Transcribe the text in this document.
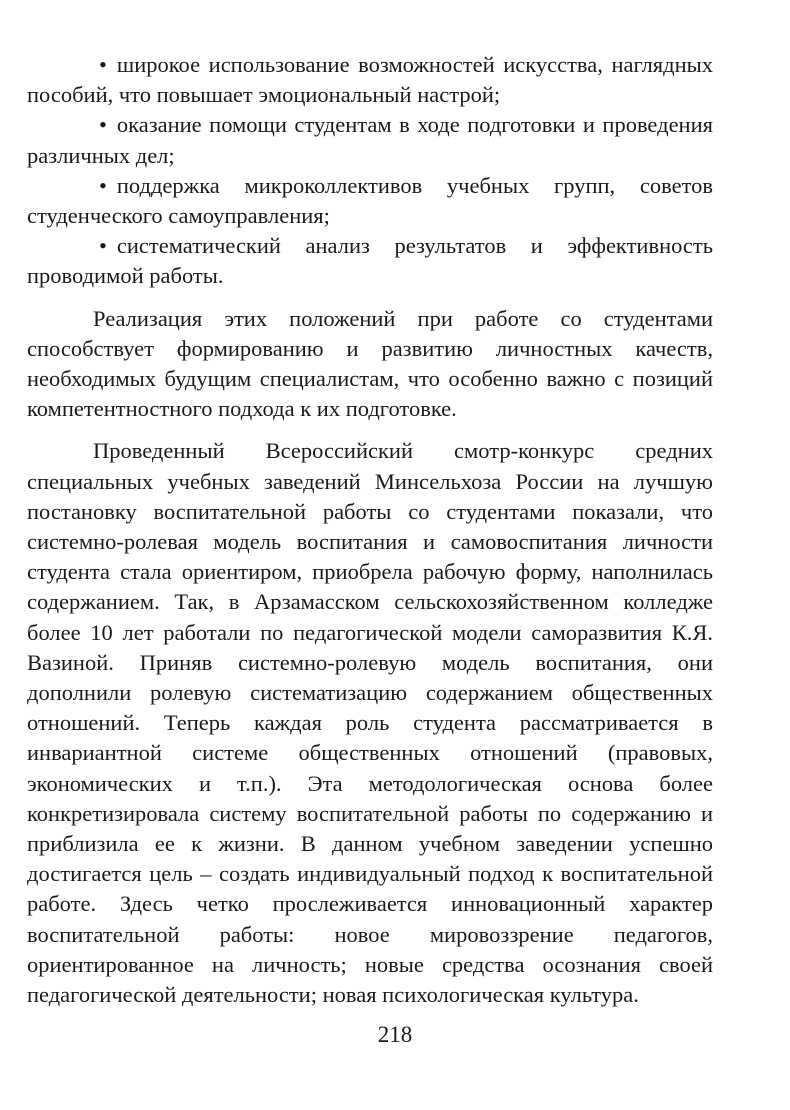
• широкое использование возможностей искусства, наглядных пособий, что повышает эмоциональный настрой;

• оказание помощи студентам в ходе подготовки и проведения различных дел;

• поддержка микроколлективов учебных групп, советов студенческого самоуправления;

• систематический анализ результатов и эффективность проводимой работы.

Реализация этих положений при работе со студентами способствует формированию и развитию личностных качеств, необходимых будущим специалистам, что особенно важно с позиций компетентностного подхода к их подготовке.

Проведенный Всероссийский смотр-конкурс средних специальных учебных заведений Минсельхоза России на лучшую постановку воспитательной работы со студентами показали, что системно-ролевая модель воспитания и самовоспитания личности студента стала ориентиром, приобрела рабочую форму, наполнилась содержанием. Так, в Арзамасском сельскохозяйственном колледже более 10 лет работали по педагогической модели саморазвития К.Я. Вазиной. Приняв системно-ролевую модель воспитания, они дополнили ролевую систематизацию содержанием общественных отношений. Теперь каждая роль студента рассматривается в инвариантной системе общественных отношений (правовых, экономических и т.п.). Эта методологическая основа более конкретизировала систему воспитательной работы по содержанию и приблизила ее к жизни. В данном учебном заведении успешно достигается цель – создать индивидуальный подход к воспитательной работе. Здесь четко прослеживается инновационный характер воспитательной работы: новое мировоззрение педагогов, ориентированное на личность; новые средства осознания своей педагогической деятельности; новая психологическая культура.

218
